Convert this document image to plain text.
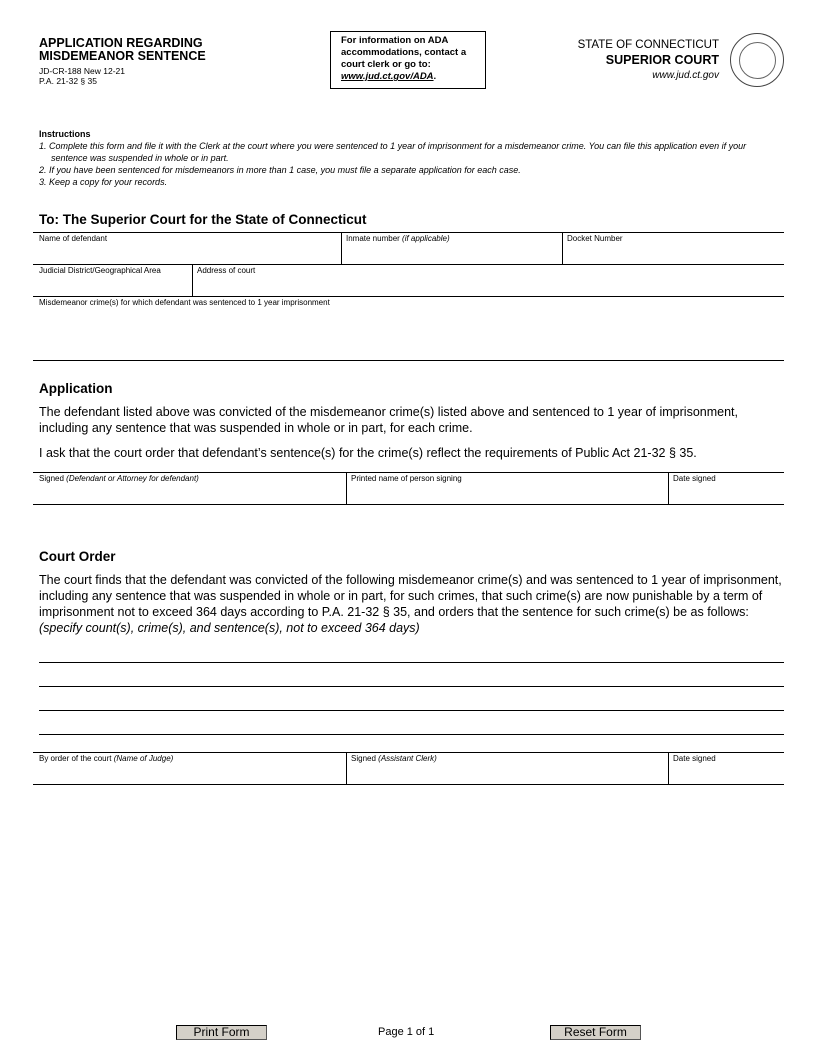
APPLICATION REGARDING
MISDEMEANOR SENTENCE
JD-CR-188 New 12-21
P.A. 21-32 § 35
For information on ADA accommodations, contact a court clerk or go to:
www.jud.ct.gov/ADA.
STATE OF CONNECTICUT
SUPERIOR COURT
www.jud.ct.gov
Instructions
1. Complete this form and file it with the Clerk at the court where you were sentenced to 1 year of imprisonment for a misdemeanor crime. You can file this application even if your sentence was suspended in whole or in part.
2. If you have been sentenced for misdemeanors in more than 1 case, you must file a separate application for each case.
3. Keep a copy for your records.
To: The Superior Court for the State of Connecticut
Name of defendant	Inmate number (if applicable)	Docket Number
Judicial District/Geographical Area	Address of court
Misdemeanor crime(s) for which defendant was sentenced to 1 year imprisonment
Application
The defendant listed above was convicted of the misdemeanor crime(s) listed above and sentenced to 1 year of imprisonment, including any sentence that was suspended in whole or in part, for each crime.
I ask that the court order that defendant’s sentence(s) for the crime(s) reflect the requirements of Public Act 21-32 § 35.
Signed (Defendant or Attorney for defendant)	Printed name of person signing	Date signed
Court Order
The court finds that the defendant was convicted of the following misdemeanor crime(s) and was sentenced to 1 year of imprisonment, including any sentence that was suspended in whole or in part, for such crimes, that such crime(s) are now punishable by a term of imprisonment not to exceed 364 days according to P.A. 21-32 § 35, and orders that the sentence for such crime(s) be as follows: (specify count(s), crime(s), and sentence(s), not to exceed 364 days)
By order of the court (Name of Judge)	Signed (Assistant Clerk)	Date signed
Print Form	Page 1 of 1	Reset Form
